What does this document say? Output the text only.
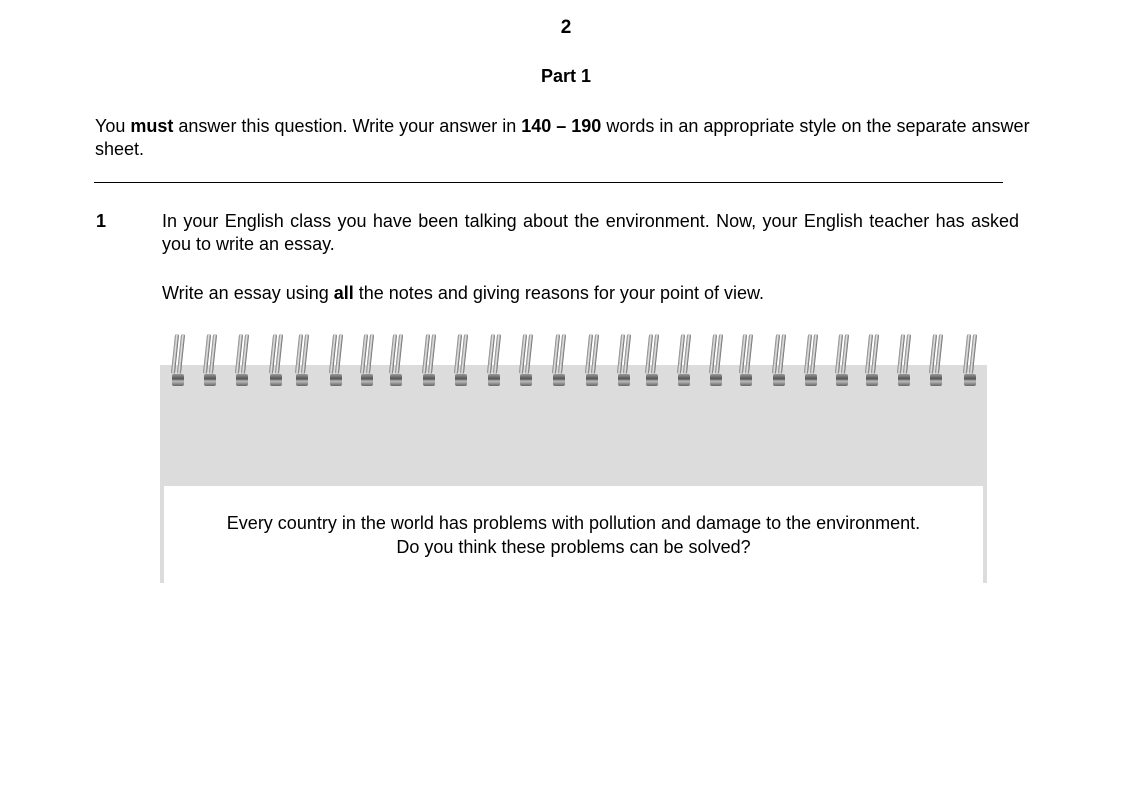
2
Part 1
You must answer this question. Write your answer in 140 – 190 words in an appropriate style on the separate answer sheet.
1	In your English class you have been talking about the environment. Now, your English teacher has asked you to write an essay.
Write an essay using all the notes and giving reasons for your point of view.
Every country in the world has problems with pollution and damage to the environment.
Do you think these problems can be solved?
